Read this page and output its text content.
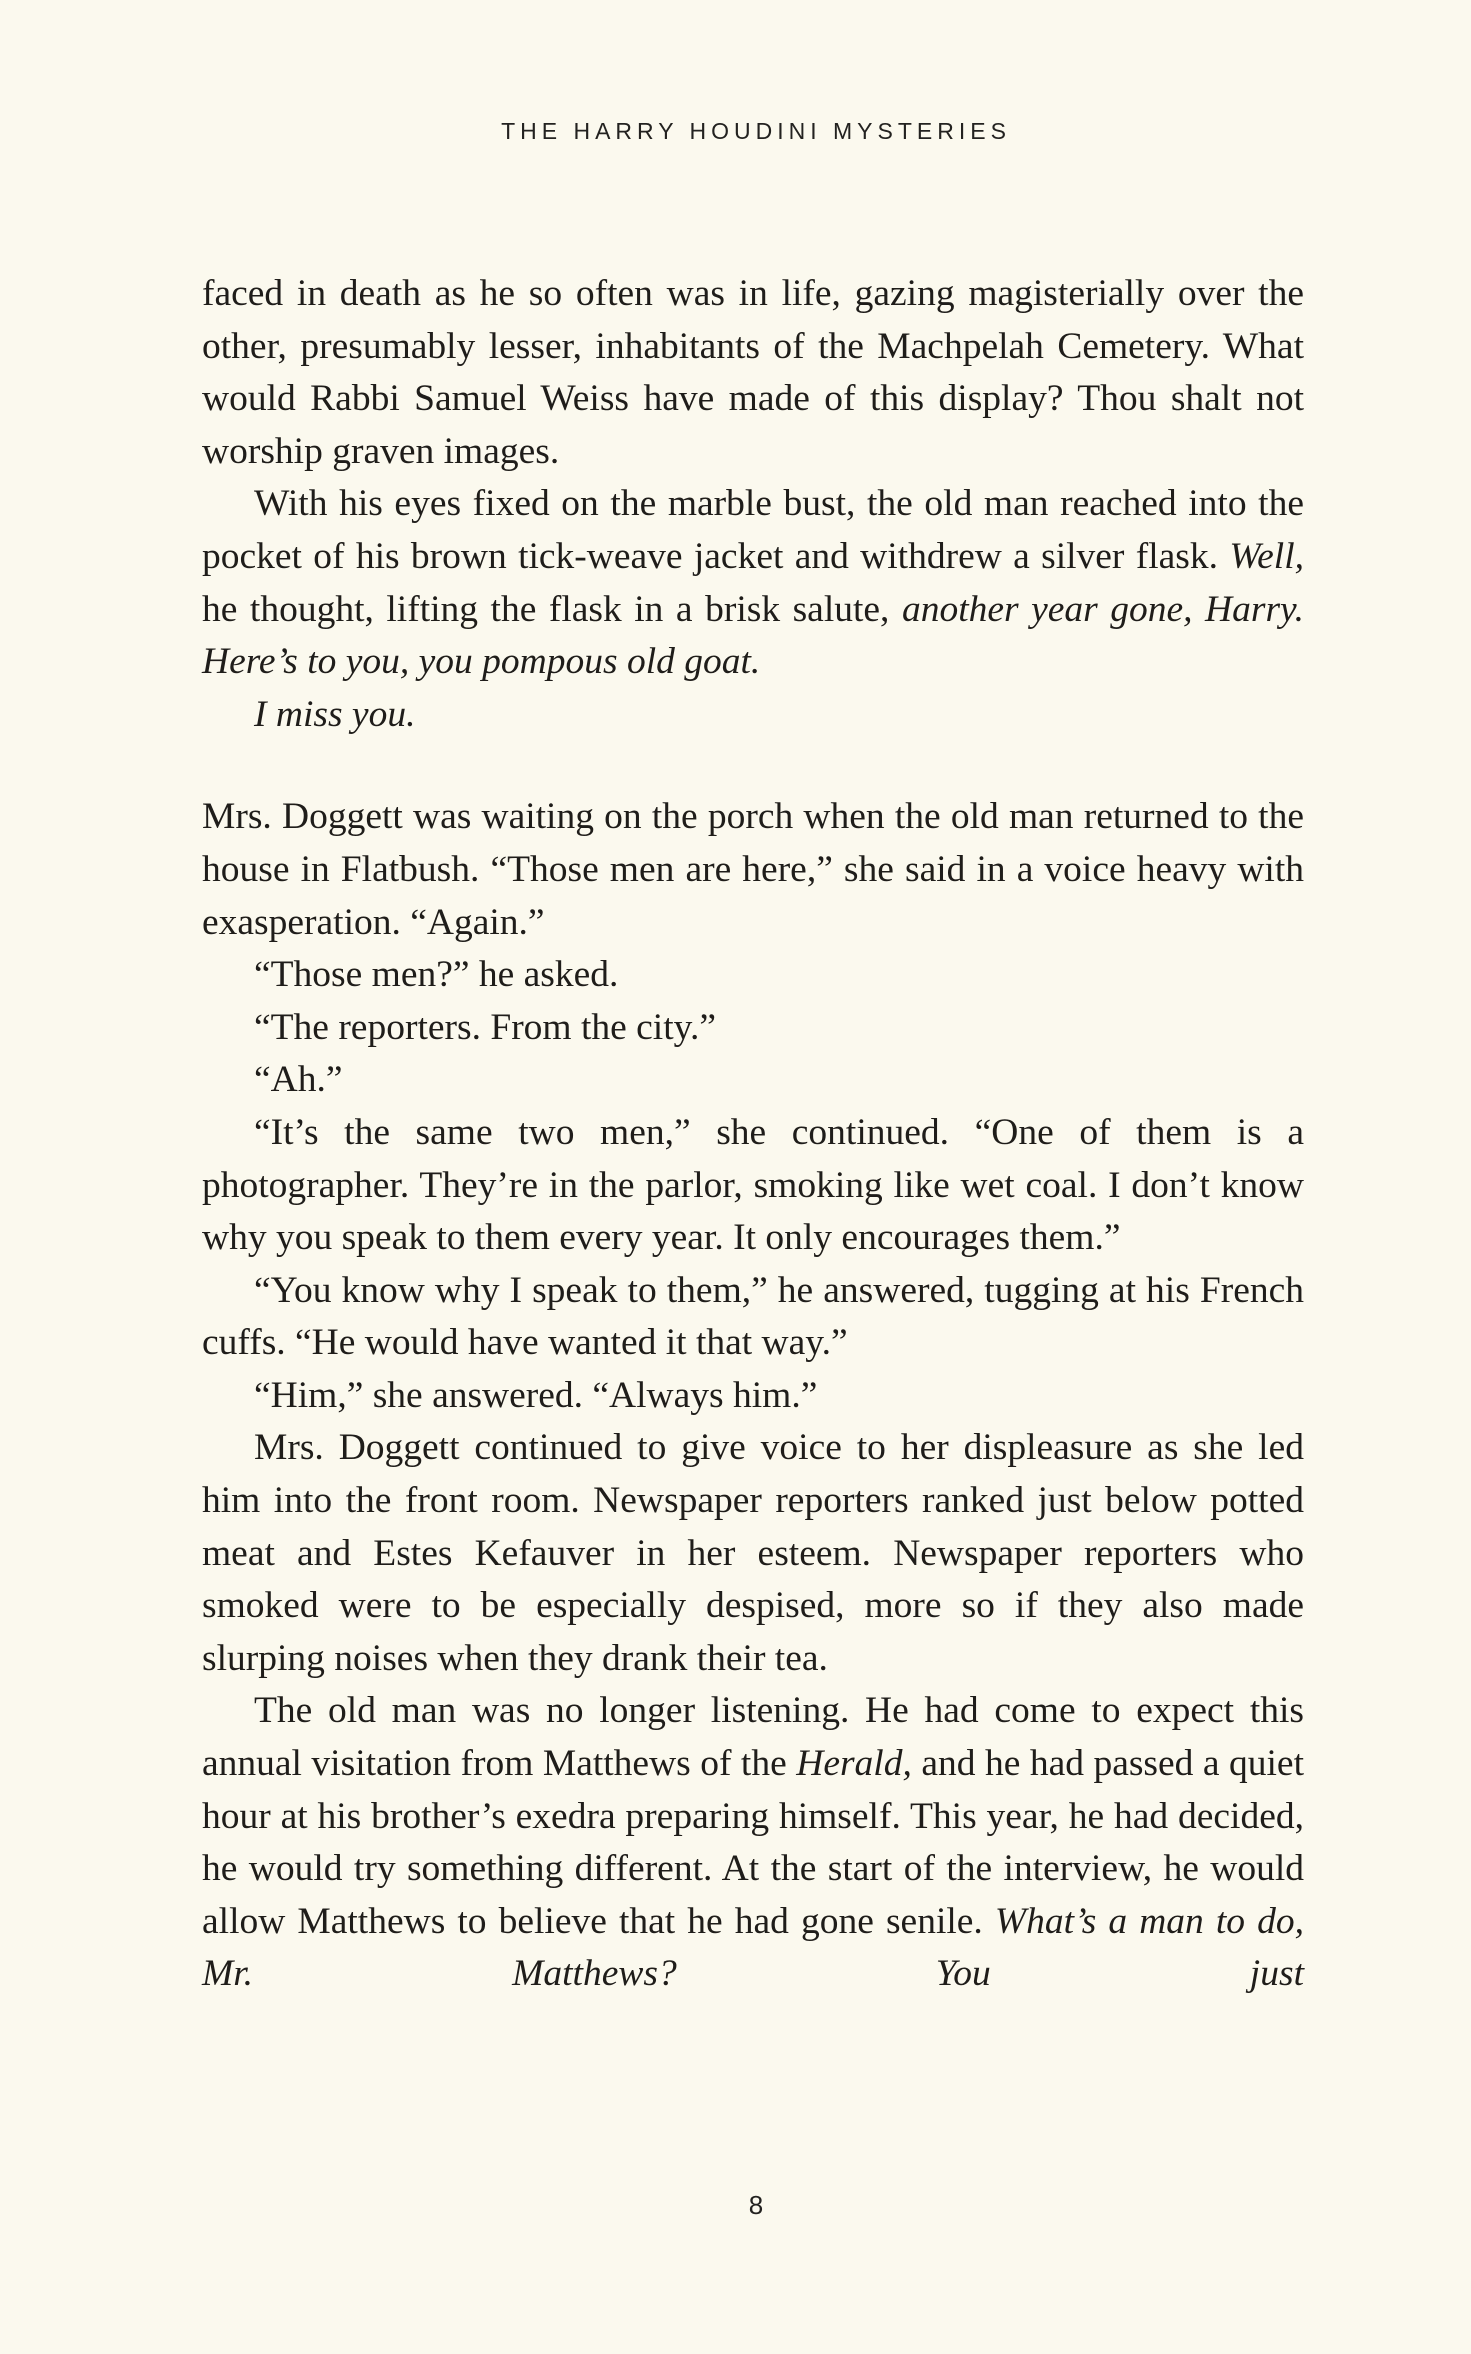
THE HARRY HOUDINI MYSTERIES

faced in death as he so often was in life, gazing magisterially over the other, presumably lesser, inhabitants of the Machpelah Cemetery. What would Rabbi Samuel Weiss have made of this display? Thou shalt not worship graven images.

With his eyes fixed on the marble bust, the old man reached into the pocket of his brown tick-weave jacket and withdrew a silver flask. Well, he thought, lifting the flask in a brisk salute, another year gone, Harry. Here’s to you, you pompous old goat.

I miss you.

Mrs. Doggett was waiting on the porch when the old man returned to the house in Flatbush. “Those men are here,” she said in a voice heavy with exasperation. “Again.”

“Those men?” he asked.

“The reporters. From the city.”

“Ah.”

“It’s the same two men,” she continued. “One of them is a photographer. They’re in the parlor, smoking like wet coal. I don’t know why you speak to them every year. It only encourages them.”

“You know why I speak to them,” he answered, tugging at his French cuffs. “He would have wanted it that way.”

“Him,” she answered. “Always him.”

Mrs. Doggett continued to give voice to her displeasure as she led him into the front room. Newspaper reporters ranked just below potted meat and Estes Kefauver in her esteem. Newspaper reporters who smoked were to be especially despised, more so if they also made slurping noises when they drank their tea.

The old man was no longer listening. He had come to expect this annual visitation from Matthews of the Herald, and he had passed a quiet hour at his brother’s exedra preparing himself. This year, he had decided, he would try something different. At the start of the interview, he would allow Matthews to believe that he had gone senile. What’s a man to do, Mr. Matthews? You just

8
